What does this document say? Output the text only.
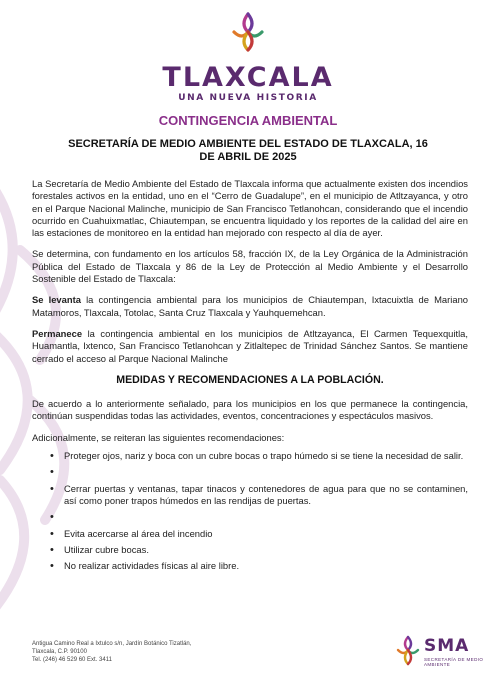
TLAXCALA
UNA NUEVA HISTORIA
CONTINGENCIA AMBIENTAL
SECRETARÍA DE MEDIO AMBIENTE DEL ESTADO DE TLAXCALA, 16 DE ABRIL DE 2025

La Secretaría de Medio Ambiente del Estado de Tlaxcala informa que actualmente existen dos incendios forestales activos en la entidad, uno en el “Cerro de Guadalupe”, en el municipio de Atltzayanca, y otro en el Parque Nacional Malinche, municipio de San Francisco Tetlanohcan, considerando que el incendio ocurrido en Cuahuixmatlac, Chiautempan, se encuentra liquidado y los reportes de la calidad del aire en las estaciones de monitoreo en la entidad han mejorado con respecto al día de ayer.

Se determina, con fundamento en los artículos 58, fracción IX, de la Ley Orgánica de la Administración Pública del Estado de Tlaxcala y 86 de la Ley de Protección al Medio Ambiente y el Desarrollo Sostenible del Estado de Tlaxcala:

Se levanta la contingencia ambiental para los municipios de Chiautempan, Ixtacuixtla de Mariano Matamoros, Tlaxcala, Totolac, Santa Cruz Tlaxcala y Yauhquemehcan.

Permanece la contingencia ambiental en los municipios de Atltzayanca, El Carmen Tequexquitla, Huamantla, Ixtenco, San Francisco Tetlanohcan y Zitlaltepec de Trinidad Sánchez Santos. Se mantiene cerrado el acceso al Parque Nacional Malinche

MEDIDAS Y RECOMENDACIONES A LA POBLACIÓN.

De acuerdo a lo anteriormente señalado, para los municipios en los que permanece la contingencia, continúan suspendidas todas las actividades, eventos, concentraciones y espectáculos masivos.

Adicionalmente, se reiteran las siguientes recomendaciones:

• Proteger ojos, nariz y boca con un cubre bocas o trapo húmedo si se tiene la necesidad de salir.
•
• Cerrar puertas y ventanas, tapar tinacos y contenedores de agua para que no se contaminen, así como poner trapos húmedos en las rendijas de puertas.
•
• Evita acercarse al área del incendio
• Utilizar cubre bocas.
• No realizar actividades físicas al aire libre.
Antigua Camino Real a Ixtulco s/n, Jardín Botánico Tizatlán,
Tlaxcala, C.P. 90100
Tel. (246) 46 529 60 Ext. 3411
SMA
SECRETARÍA DE MEDIO AMBIENTE
